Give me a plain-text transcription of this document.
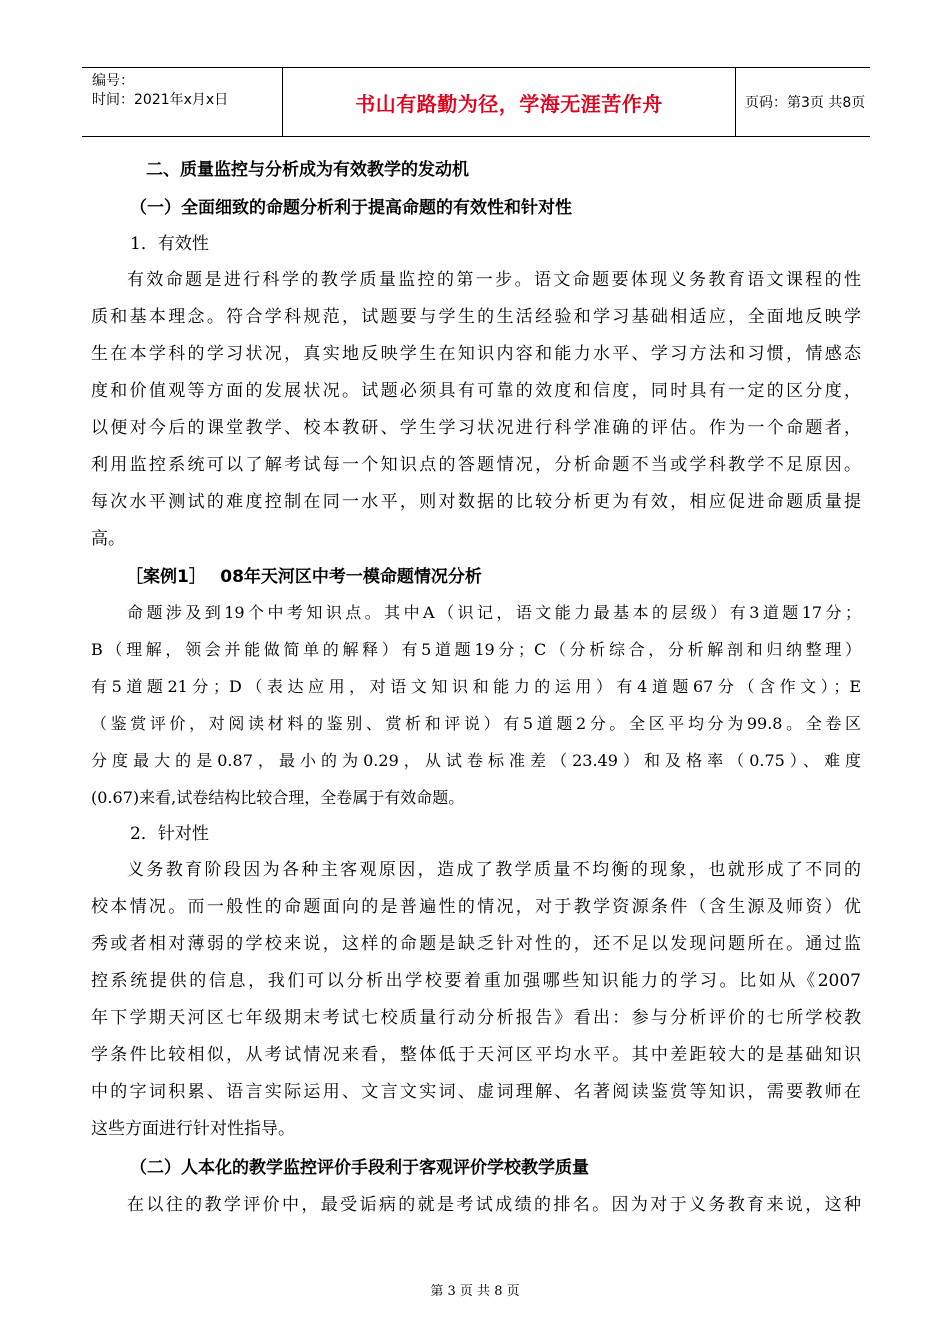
编号：
时间：2021年x月x日	书山有路勤为径，学海无涯苦作舟	页码：第3页 共8页
二、质量监控与分析成为有效教学的发动机
（一）全面细致的命题分析利于提高命题的有效性和针对性
1．有效性
有效命题是进行科学的教学质量监控的第一步。语文命题要体现义务教育语文课程的性
质和基本理念。符合学科规范，试题要与学生的生活经验和学习基础相适应，全面地反映学
生在本学科的学习状况，真实地反映学生在知识内容和能力水平、学习方法和习惯，情感态
度和价值观等方面的发展状况。试题必须具有可靠的效度和信度，同时具有一定的区分度，
以便对今后的课堂教学、校本教研、学生学习状况进行科学准确的评估。作为一个命题者，
利用监控系统可以了解考试每一个知识点的答题情况，分析命题不当或学科教学不足原因。
每次水平测试的难度控制在同一水平，则对数据的比较分析更为有效，相应促进命题质量提
高。
［案例1］　 08年天河区中考一模命题情况分析
命题涉及到19个中考知识点。其中A（识记，语文能力最基本的层级）有3道题17分；
B（理解，领会并能做简单的解释）有5道题19分；C（分析综合，分析解剖和归纳整理）
有5道题21分；D（表达应用，对语文知识和能力的运用）有4道题67分（含作文）；E
（鉴赏评价，对阅读材料的鉴别、赏析和评说）有5道题2分。全区平均分为99.8。全卷区
分度最大的是0.87，最小的为0.29，从试卷标准差（23.49）和及格率（0.75）、难度
(0.67)来看,试卷结构比较合理，全卷属于有效命题。
2．针对性
义务教育阶段因为各种主客观原因，造成了教学质量不均衡的现象，也就形成了不同的
校本情况。而一般性的命题面向的是普遍性的情况，对于教学资源条件（含生源及师资）优
秀或者相对薄弱的学校来说，这样的命题是缺乏针对性的，还不足以发现问题所在。通过监
控系统提供的信息，我们可以分析出学校要着重加强哪些知识能力的学习。比如从《2007
年下学期天河区七年级期末考试七校质量行动分析报告》看出：参与分析评价的七所学校教
学条件比较相似，从考试情况来看，整体低于天河区平均水平。其中差距较大的是基础知识
中的字词积累、语言实际运用、文言文实词、虚词理解、名著阅读鉴赏等知识，需要教师在
这些方面进行针对性指导。
（二）人本化的教学监控评价手段利于客观评价学校教学质量
在以往的教学评价中，最受诟病的就是考试成绩的排名。因为对于义务教育来说，这种
第 3 页 共 8 页
